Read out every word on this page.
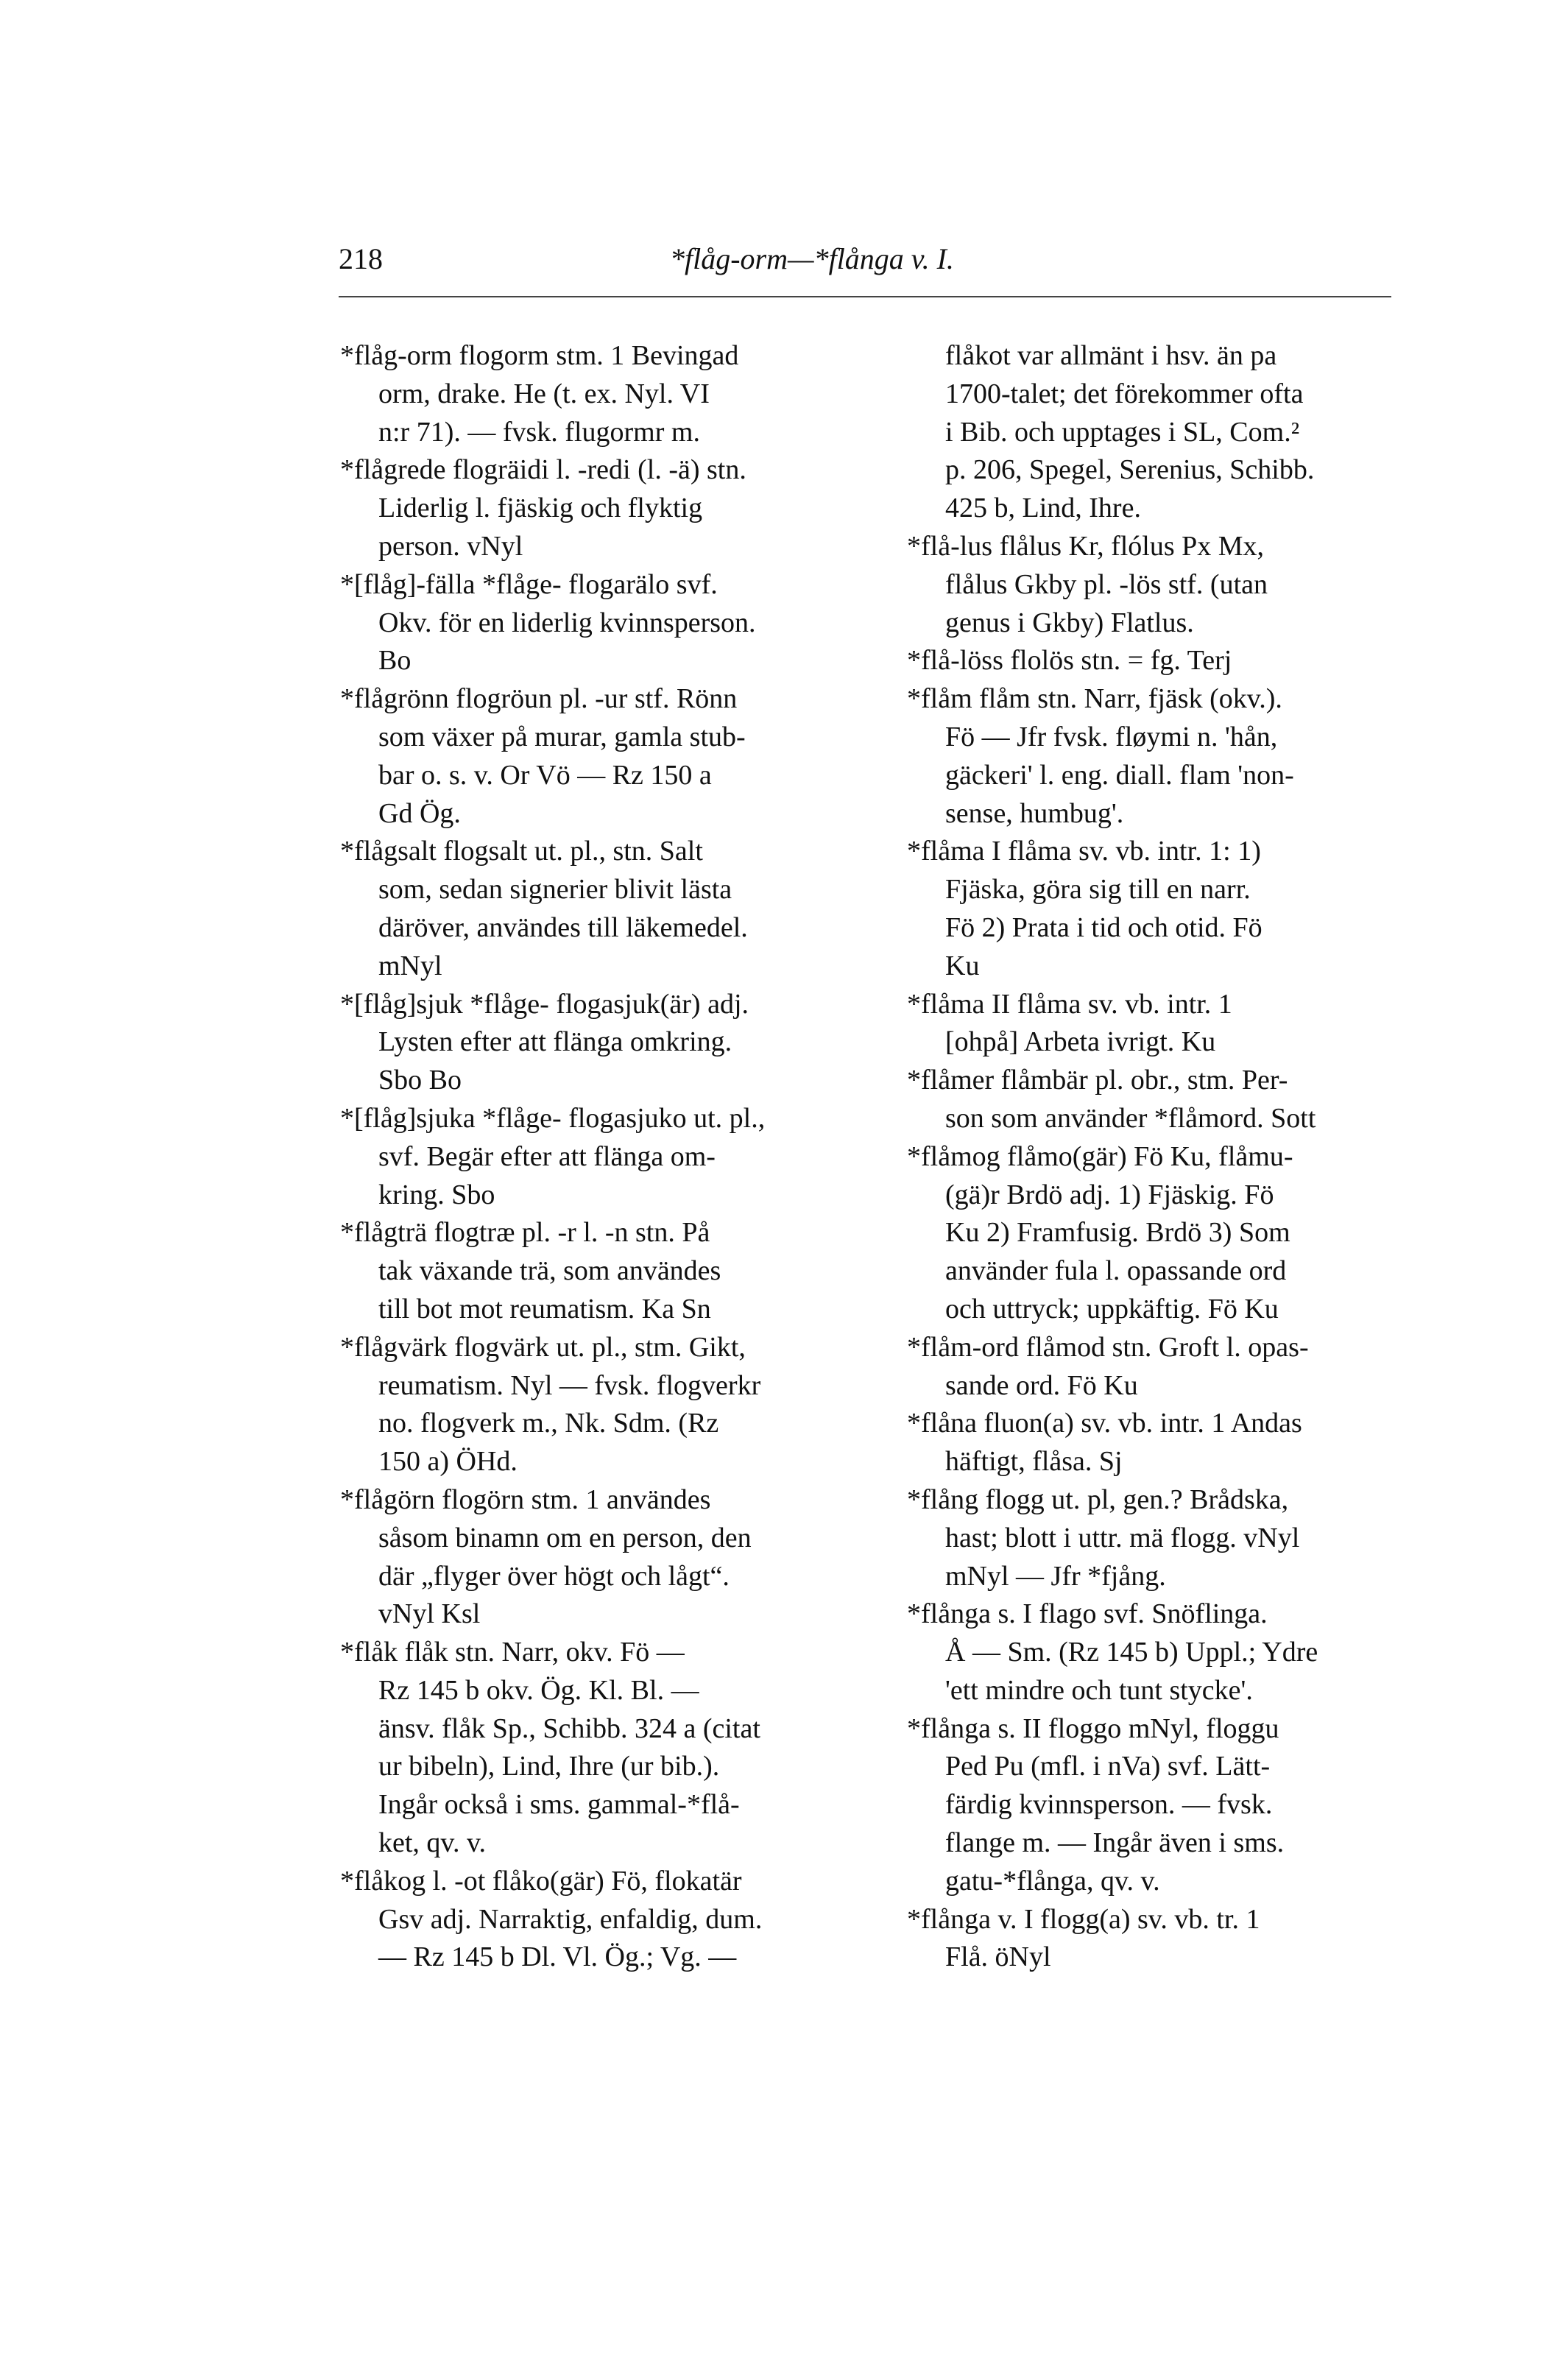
218	*flåg-orm—*flånga v. I.
*flåg-orm flogorm stm. 1 Bevingad
orm, drake. He (t. ex. Nyl. VI
n:r 71). — fvsk. flugormr m.
*flågrede flogräidi l. -redi (l. -ä) stn.
Liderlig l. fjäskig och flyktig
person. vNyl
*[flåg]-fälla *flåge- flogarälo svf.
Okv. för en liderlig kvinnsperson.
Bo
*flågrönn flogröun pl. -ur stf. Rönn
som växer på murar, gamla stub-
bar o. s. v. Or Vö — Rz 150 a
Gd Ög.
*flågsalt flogsalt ut. pl., stn. Salt
som, sedan signerier blivit lästa
däröver, användes till läkemedel.
mNyl
*[flåg]sjuk *flåge- flogasjuk(är) adj.
Lysten efter att flänga omkring.
Sbo Bo
*[flåg]sjuka *flåge- flogasjuko ut. pl.,
svf. Begär efter att flänga om-
kring. Sbo
*flågträ flogtræ pl. -r l. -n stn. På
tak växande trä, som användes
till bot mot reumatism. Ka Sn
*flågvärk flogvärk ut. pl., stm. Gikt,
reumatism. Nyl — fvsk. flogverkr
no. flogverk m., Nk. Sdm. (Rz
150 a) ÖHd.
*flågörn flogörn stm. 1 användes
såsom binamn om en person, den
där „flyger över högt och lågt“.
vNyl Ksl
*flåk flåk stn. Narr, okv. Fö —
Rz 145 b okv. Ög. Kl. Bl. —
änsv. flåk Sp., Schibb. 324 a (citat
ur bibeln), Lind, Ihre (ur bib.).
Ingår också i sms. gammal-*flå-
ket, qv. v.
*flåkog l. -ot flåko(gär) Fö, flokatär
Gsv adj. Narraktig, enfaldig, dum.
— Rz 145 b Dl. Vl. Ög.; Vg. —
flåkot var allmänt i hsv. än pa
1700-talet; det förekommer ofta
i Bib. och upptages i SL, Com.²
p. 206, Spegel, Serenius, Schibb.
425 b, Lind, Ihre.
*flå-lus flålus Kr, flólus Px Mx,
flålus Gkby pl. -lös stf. (utan
genus i Gkby) Flatlus.
*flå-löss flolös stn. = fg. Terj
*flåm flåm stn. Narr, fjäsk (okv.).
Fö — Jfr fvsk. fløymi n. 'hån,
gäckeri' l. eng. diall. flam 'non-
sense, humbug'.
*flåma I flåma sv. vb. intr. 1: 1)
Fjäska, göra sig till en narr.
Fö 2) Prata i tid och otid. Fö
Ku
*flåma II flåma sv. vb. intr. 1
[ohpå] Arbeta ivrigt. Ku
*flåmer flåmbär pl. obr., stm. Per-
son som använder *flåmord. Sott
*flåmog flåmo(gär) Fö Ku, flåmu-
(gä)r Brdö adj. 1) Fjäskig. Fö
Ku 2) Framfusig. Brdö 3) Som
använder fula l. opassande ord
och uttryck; uppkäftig. Fö Ku
*flåm-ord flåmod stn. Groft l. opas-
sande ord. Fö Ku
*flåna fluon(a) sv. vb. intr. 1 Andas
häftigt, flåsa. Sj
*flång flogg ut. pl, gen.? Brådska,
hast; blott i uttr. mä flogg. vNyl
mNyl — Jfr *fjång.
*flånga s. I flago svf. Snöflinga.
Å — Sm. (Rz 145 b) Uppl.; Ydre
'ett mindre och tunt stycke'.
*flånga s. II floggo mNyl, floggu
Ped Pu (mfl. i nVa) svf. Lätt-
färdig kvinnsperson. — fvsk.
flange m. — Ingår även i sms.
gatu-*flånga, qv. v.
*flånga v. I flogg(a) sv. vb. tr. 1
Flå. öNyl
